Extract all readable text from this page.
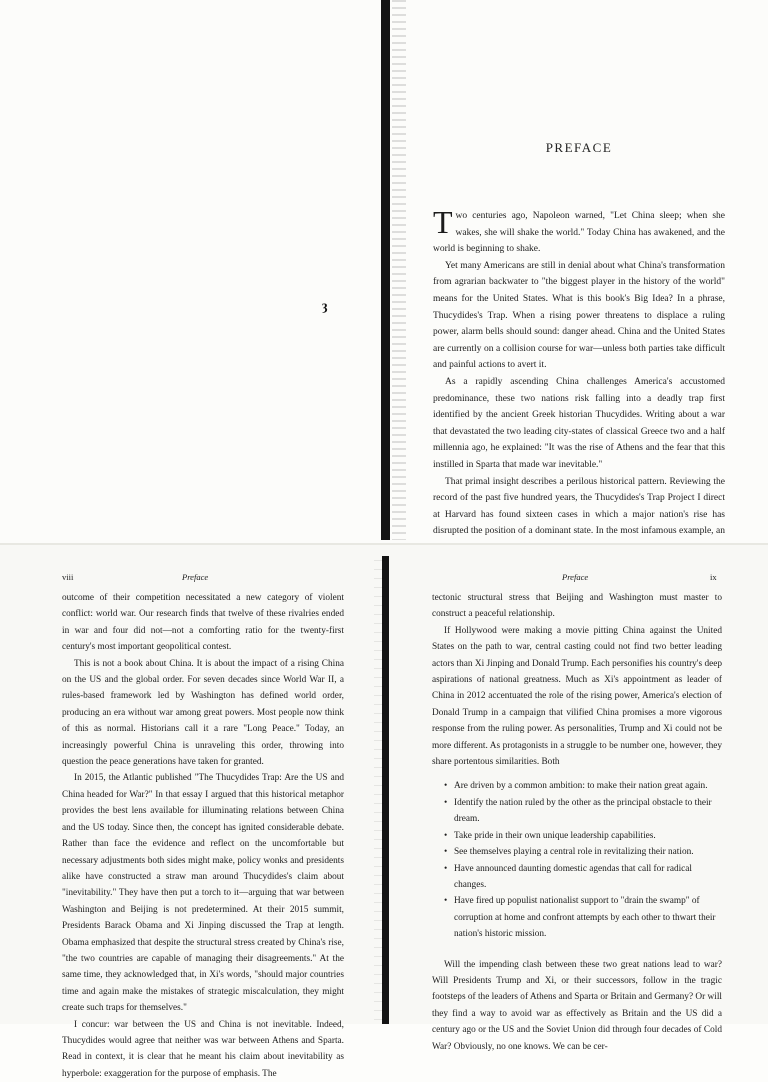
ȝ
PREFACE

Two centuries ago, Napoleon warned, "Let China sleep; when she wakes, she will shake the world." Today China has awakened, and the world is beginning to shake.

Yet many Americans are still in denial about what China's transformation from agrarian backwater to "the biggest player in the history of the world" means for the United States. What is this book's Big Idea? In a phrase, Thucydides's Trap. When a rising power threatens to displace a ruling power, alarm bells should sound: danger ahead. China and the United States are currently on a collision course for war—unless both parties take difficult and painful actions to avert it.

As a rapidly ascending China challenges America's accustomed predominance, these two nations risk falling into a deadly trap first identified by the ancient Greek historian Thucydides. Writing about a war that devastated the two leading city-states of classical Greece two and a half millennia ago, he explained: "It was the rise of Athens and the fear that this instilled in Sparta that made war inevitable."

That primal insight describes a perilous historical pattern. Reviewing the record of the past five hundred years, the Thucydides's Trap Project I direct at Harvard has found sixteen cases in which a major nation's rise has disrupted the position of a dominant state. In the most infamous example, an

viii	Preface

outcome of their competition necessitated a new category of violent conflict: world war. Our research finds that twelve of these rivalries ended in war and four did not—not a comforting ratio for the twenty-first century's most important geopolitical contest.

This is not a book about China. It is about the impact of a rising China on the US and the global order. For seven decades since World War II, a rules-based framework led by Washington has defined world order, producing an era without war among great powers. Most people now think of this as normal. Historians call it a rare "Long Peace." Today, an increasingly powerful China is unraveling this order, throwing into question the peace generations have taken for granted.

In 2015, the Atlantic published "The Thucydides Trap: Are the US and China headed for War?" In that essay I argued that this historical metaphor provides the best lens available for illuminating relations between China and the US today. Since then, the concept has ignited considerable debate. Rather than face the evidence and reflect on the uncomfortable but necessary adjustments both sides might make, policy wonks and presidents alike have constructed a straw man around Thucydides's claim about "inevitability." They have then put a torch to it—arguing that war between Washington and Beijing is not predetermined. At their 2015 summit, Presidents Barack Obama and Xi Jinping discussed the Trap at length. Obama emphasized that despite the structural stress created by China's rise, "the two countries are capable of managing their disagreements." At the same time, they acknowledged that, in Xi's words, "should major countries time and again make the mistakes of strategic miscalculation, they might create such traps for themselves."

I concur: war between the US and China is not inevitable. Indeed, Thucydides would agree that neither was war between Athens and Sparta. Read in context, it is clear that he meant his claim about inevitability as hyperbole: exaggeration for the purpose of emphasis. The

Preface	ix

tectonic structural stress that Beijing and Washington must master to construct a peaceful relationship.

If Hollywood were making a movie pitting China against the United States on the path to war, central casting could not find two better leading actors than Xi Jinping and Donald Trump. Each personifies his country's deep aspirations of national greatness. Much as Xi's appointment as leader of China in 2012 accentuated the role of the rising power, America's election of Donald Trump in a campaign that vilified China promises a more vigorous response from the ruling power. As personalities, Trump and Xi could not be more different. As protagonists in a struggle to be number one, however, they share portentous similarities. Both

• Are driven by a common ambition: to make their nation great again.
• Identify the nation ruled by the other as the principal obstacle to their dream.
• Take pride in their own unique leadership capabilities.
• See themselves playing a central role in revitalizing their nation.
• Have announced daunting domestic agendas that call for radical changes.
• Have fired up populist nationalist support to "drain the swamp" of corruption at home and confront attempts by each other to thwart their nation's historic mission.

Will the impending clash between these two great nations lead to war? Will Presidents Trump and Xi, or their successors, follow in the tragic footsteps of the leaders of Athens and Sparta or Britain and Germany? Or will they find a way to avoid war as effectively as Britain and the US did a century ago or the US and the Soviet Union did through four decades of Cold War? Obviously, no one knows. We can be cer-
